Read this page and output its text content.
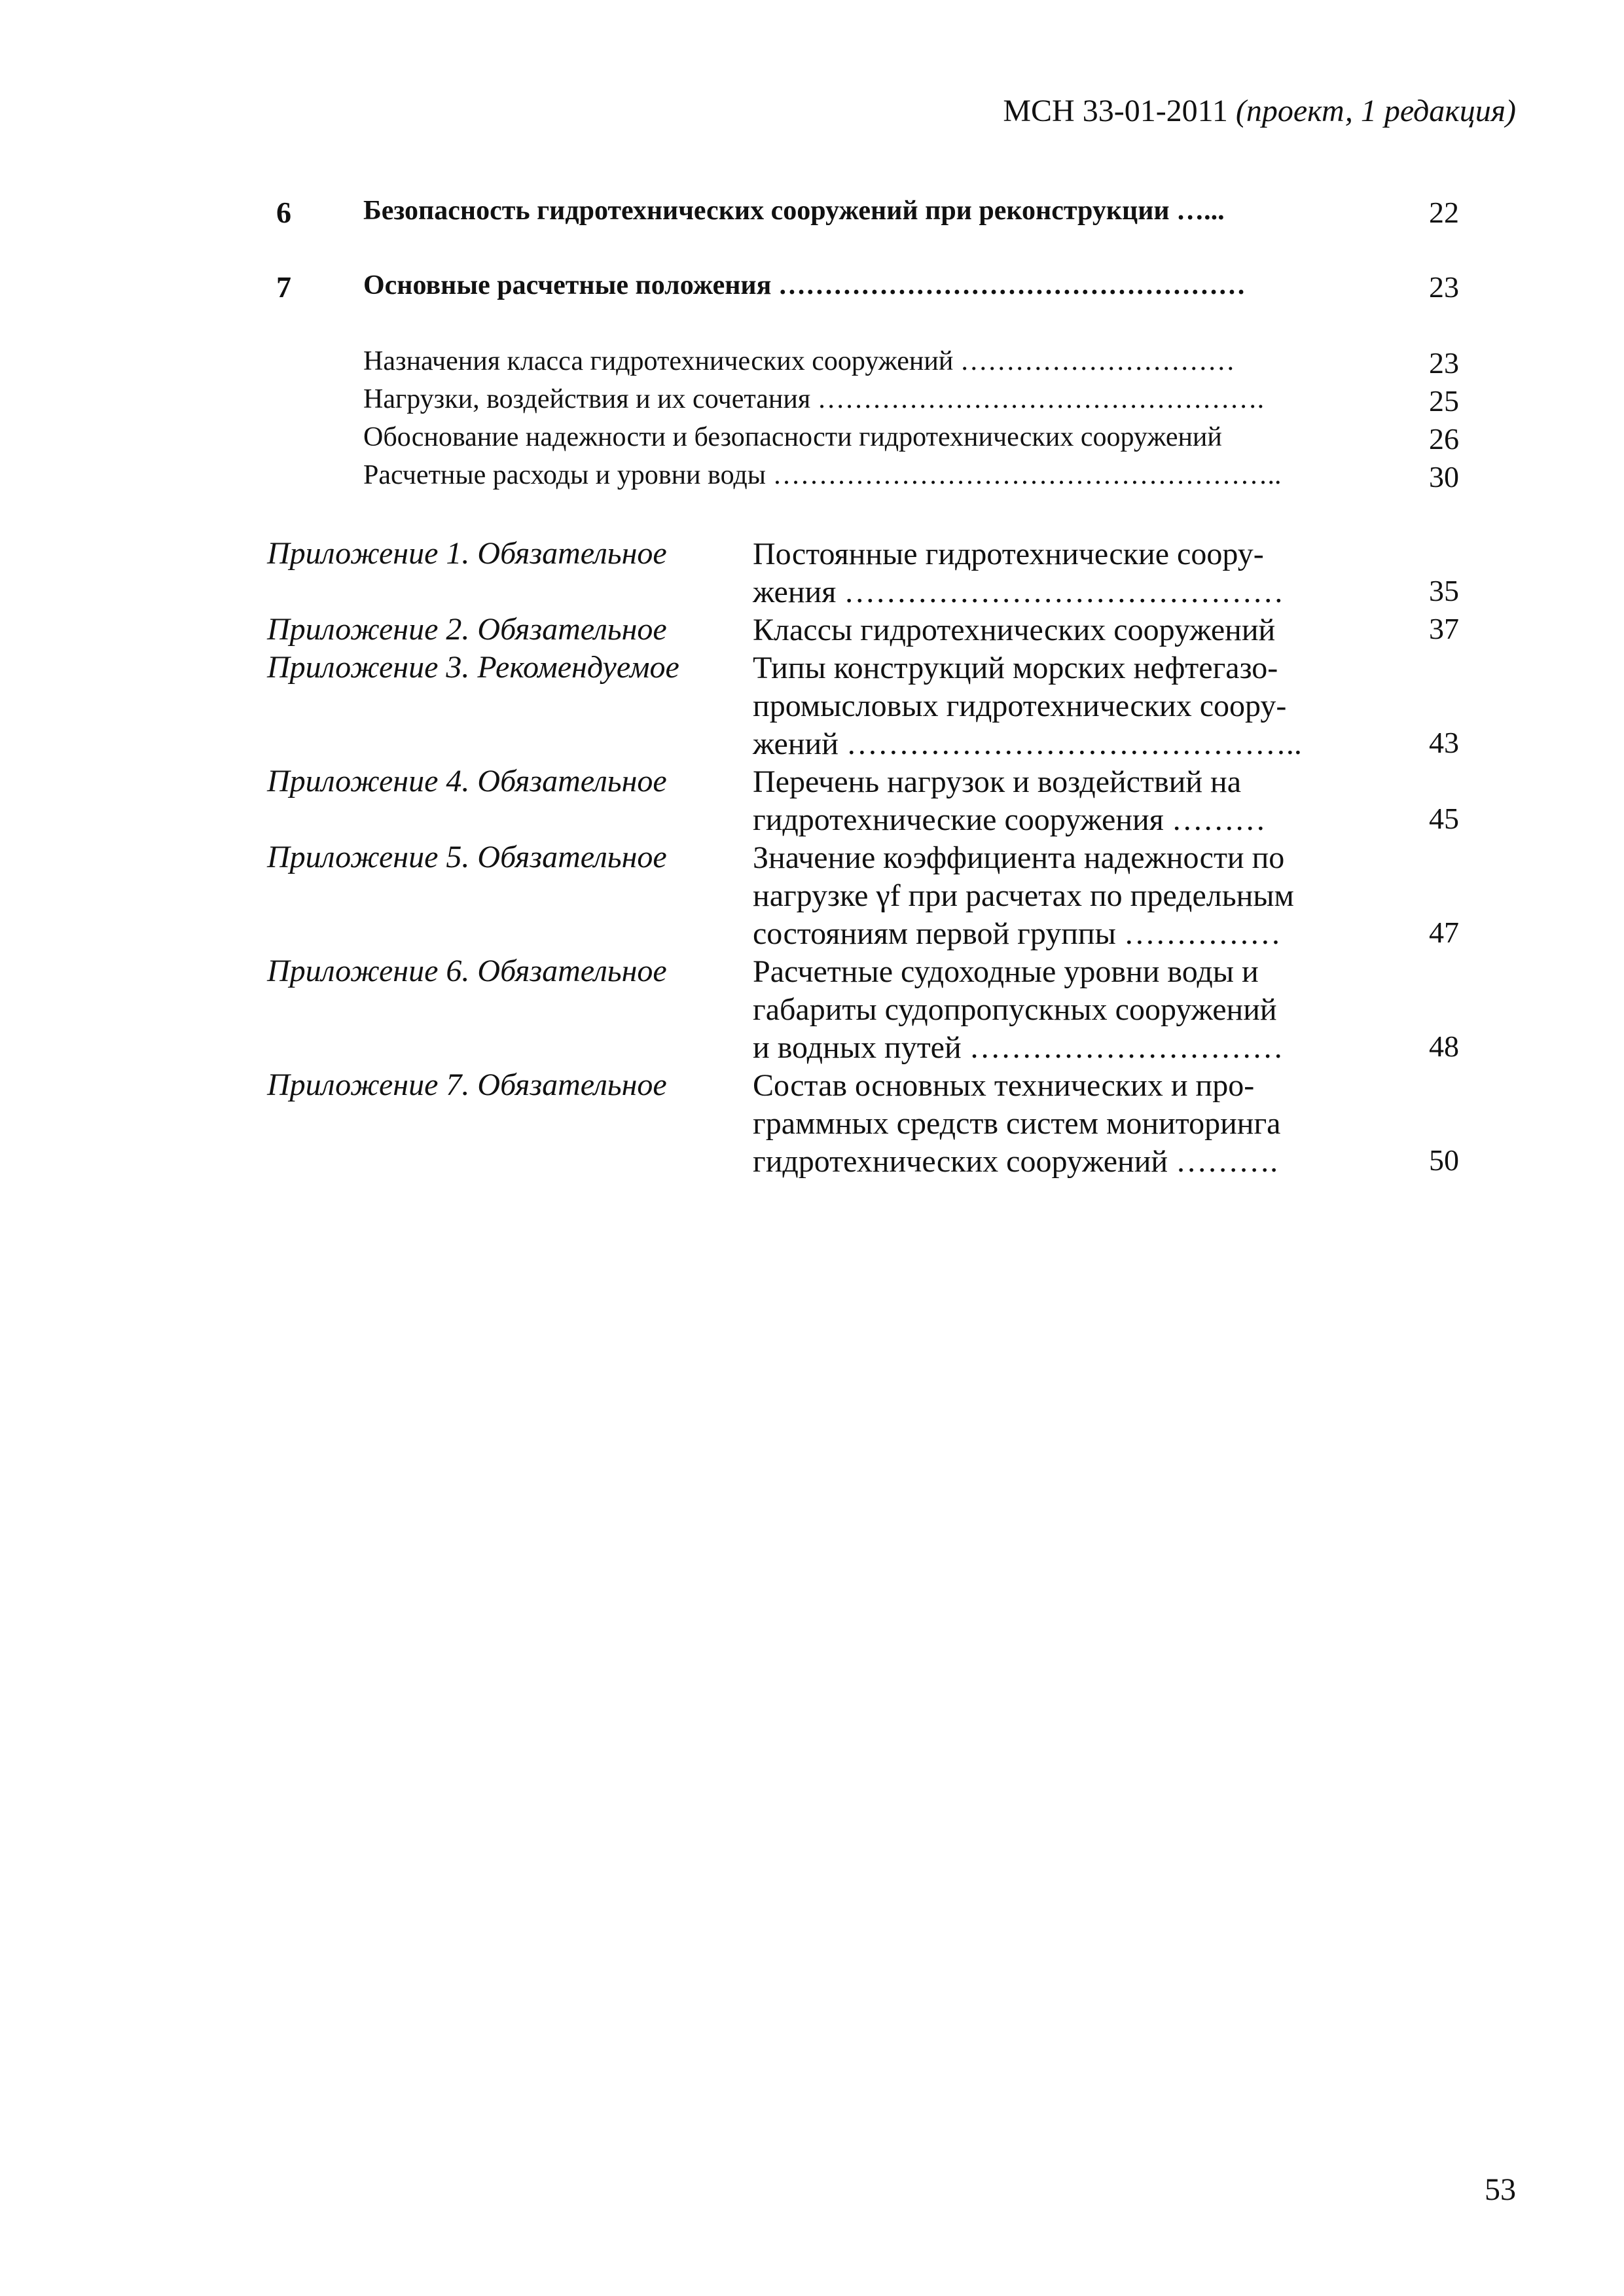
МСН 33-01-2011 (проект, 1 редакция)
6	Безопасность гидротехнических сооружений при реконструкции …...	22
7	Основные расчетные положения ……………………………………………	23
Назначения класса гидротехнических сооружений …………………………	23
Нагрузки, воздействия и их сочетания ………………………………………….	25
Обоснование надежности и безопасности гидротехнических сооружений	26
Расчетные расходы и уровни воды ………………………………………………..	30
Приложение 1. Обязательное	Постоянные гидротехнические соору-
жения ……………………………………	35
Приложение 2. Обязательное	Классы гидротехнических сооружений	37
Приложение 3. Рекомендуемое Типы конструкций морских нефтегазо-
промысловых гидротехнических соору-
жений ……………………………………..	43
Приложение 4. Обязательное	Перечень нагрузок и воздействий на
гидротехнические сооружения ………	45
Приложение 5. Обязательное	Значение коэффициента надежности по
нагрузке γf при расчетах по предельным
состояниям первой группы ……………	47
Приложение 6. Обязательное	Расчетные судоходные уровни воды и
габариты судопропускных сооружений
и водных путей …………………………	48
Приложение 7. Обязательное	Состав основных технических и про-
граммных средств систем мониторинга
гидротехнических сооружений ……….	50
53
